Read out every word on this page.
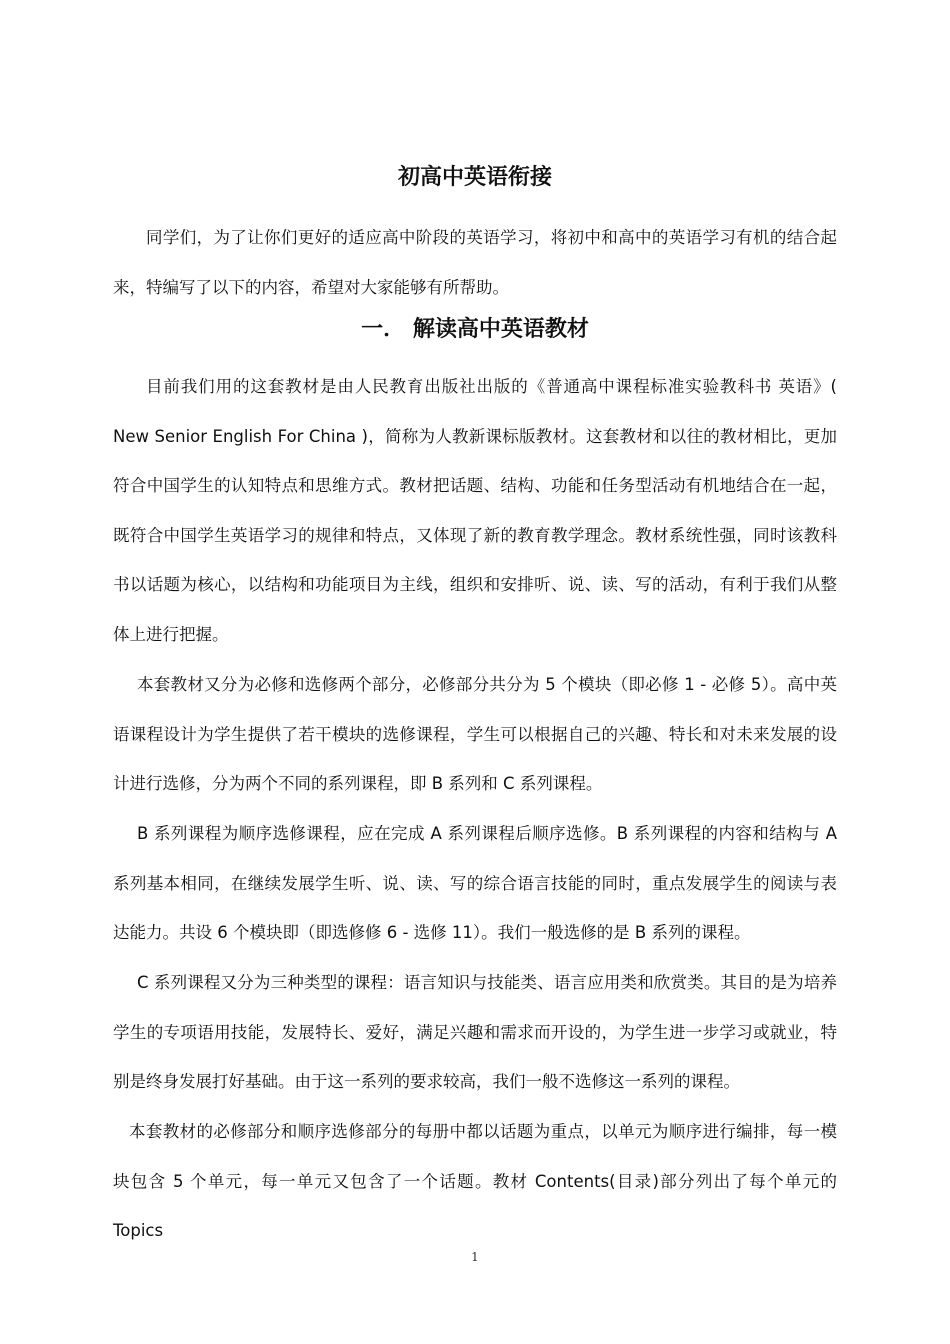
初高中英语衔接

同学们，为了让你们更好的适应高中阶段的英语学习，将初中和高中的英语学习有机的结合起来，特编写了以下的内容，希望对大家能够有所帮助。

一． 解读高中英语教材

目前我们用的这套教材是由人民教育出版社出版的《普通高中课程标准实验教科书 英语》( New Senior English For China )，简称为人教新课标版教材。这套教材和以往的教材相比，更加符合中国学生的认知特点和思维方式。教材把话题、结构、功能和任务型活动有机地结合在一起，既符合中国学生英语学习的规律和特点，又体现了新的教育教学理念。教材系统性强，同时该教科书以话题为核心，以结构和功能项目为主线，组织和安排听、说、读、写的活动，有利于我们从整体上进行把握。

本套教材又分为必修和选修两个部分，必修部分共分为 5 个模块（即必修 1 - 必修 5）。高中英语课程设计为学生提供了若干模块的选修课程，学生可以根据自己的兴趣、特长和对未来发展的设计进行选修，分为两个不同的系列课程，即 B 系列和 C 系列课程。

B 系列课程为顺序选修课程，应在完成 A 系列课程后顺序选修。B 系列课程的内容和结构与 A 系列基本相同，在继续发展学生听、说、读、写的综合语言技能的同时，重点发展学生的阅读与表达能力。共设 6 个模块即（即选修修 6 - 选修 11）。我们一般选修的是 B 系列的课程。

C 系列课程又分为三种类型的课程：语言知识与技能类、语言应用类和欣赏类。其目的是为培养学生的专项语用技能，发展特长、爱好，满足兴趣和需求而开设的，为学生进一步学习或就业，特别是终身发展打好基础。由于这一系列的要求较高，我们一般不选修这一系列的课程。

本套教材的必修部分和顺序选修部分的每册中都以话题为重点，以单元为顺序进行编排，每一模块包含 5 个单元，每一单元又包含了一个话题。教材 Contents(目录)部分列出了每个单元的 Topics

1
